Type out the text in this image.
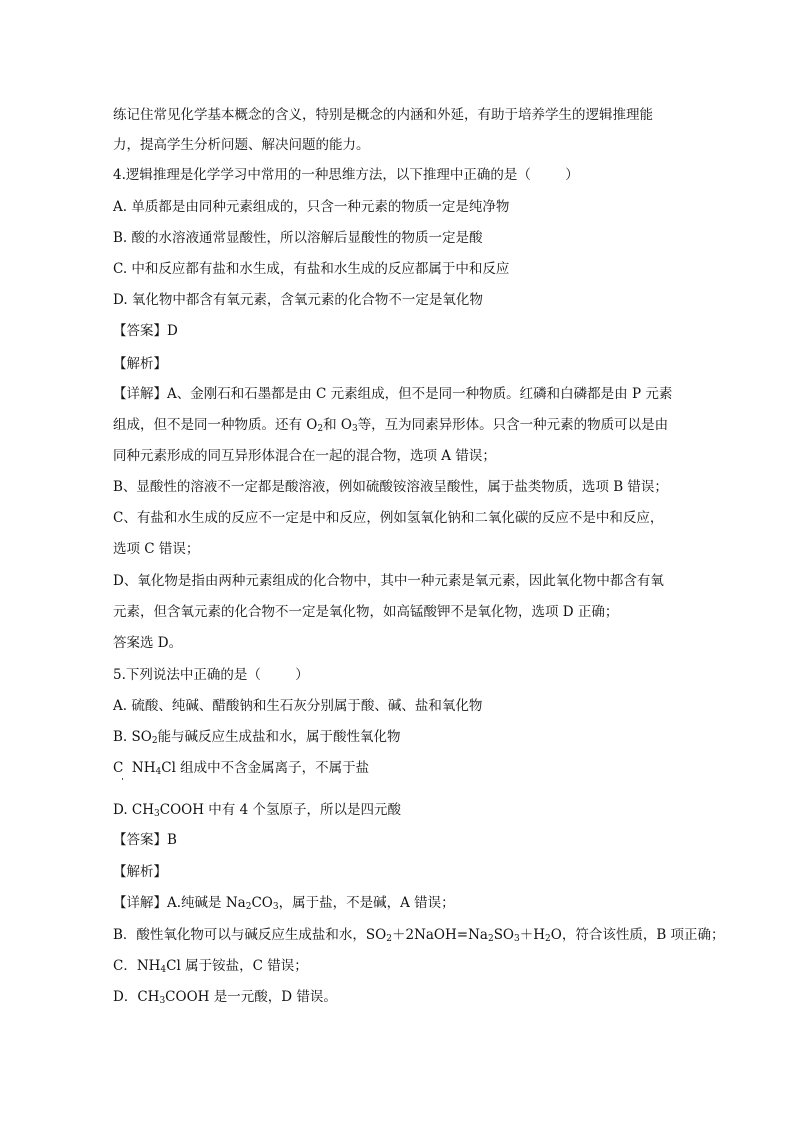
练记住常见化学基本概念的含义，特别是概念的内涵和外延，有助于培养学生的逻辑推理能
力，提高学生分析问题、解决问题的能力。
4.逻辑推理是化学学习中常用的一种思维方法，以下推理中正确的是（        ）
A. 单质都是由同种元素组成的，只含一种元素的物质一定是纯净物
B. 酸的水溶液通常显酸性，所以溶解后显酸性的物质一定是酸
C. 中和反应都有盐和水生成，有盐和水生成的反应都属于中和反应
D. 氧化物中都含有氧元素，含氧元素的化合物不一定是氧化物
【答案】D
【解析】
【详解】A、金刚石和石墨都是由 C 元素组成，但不是同一种物质。红磷和白磷都是由 P 元素
组成，但不是同一种物质。还有 $O_2$和 $O_3$等，互为同素异形体。只含一种元素的物质可以是由
同种元素形成的同互异形体混合在一起的混合物，选项 A 错误；
B、显酸性的溶液不一定都是酸溶液，例如硫酸铵溶液呈酸性，属于盐类物质，选项 B 错误；
C、有盐和水生成的反应不一定是中和反应，例如氢氧化钠和二氧化碳的反应不是中和反应，
选项 C 错误；
D、氧化物是指由两种元素组成的化合物中，其中一种元素是氧元素，因此氧化物中都含有氧
元素，但含氧元素的化合物不一定是氧化物，如高锰酸钾不是氧化物，选项 D 正确；
答案选 D。
5.下列说法中正确的是（        ）
A. 硫酸、纯碱、醋酸钠和生石灰分别属于酸、碱、盐和氧化物
B. $SO_2$能与碱反应生成盐和水，属于酸性氧化物
C  $NH_4Cl$ 组成中不含金属离子，不属于盐
D. $CH_3COOH$ 中有 4 个氢原子，所以是四元酸
【答案】B
【解析】
【详解】A.纯碱是 $Na_2CO_3$，属于盐，不是碱，A 错误；
B．酸性氧化物可以与碱反应生成盐和水，$SO_2+2NaOH=Na_2SO_3+H_2O$，符合该性质，B 项正确；
C．$NH_4Cl$ 属于铵盐，C 错误；
D．$CH_3COOH$ 是一元酸，D 错误。
